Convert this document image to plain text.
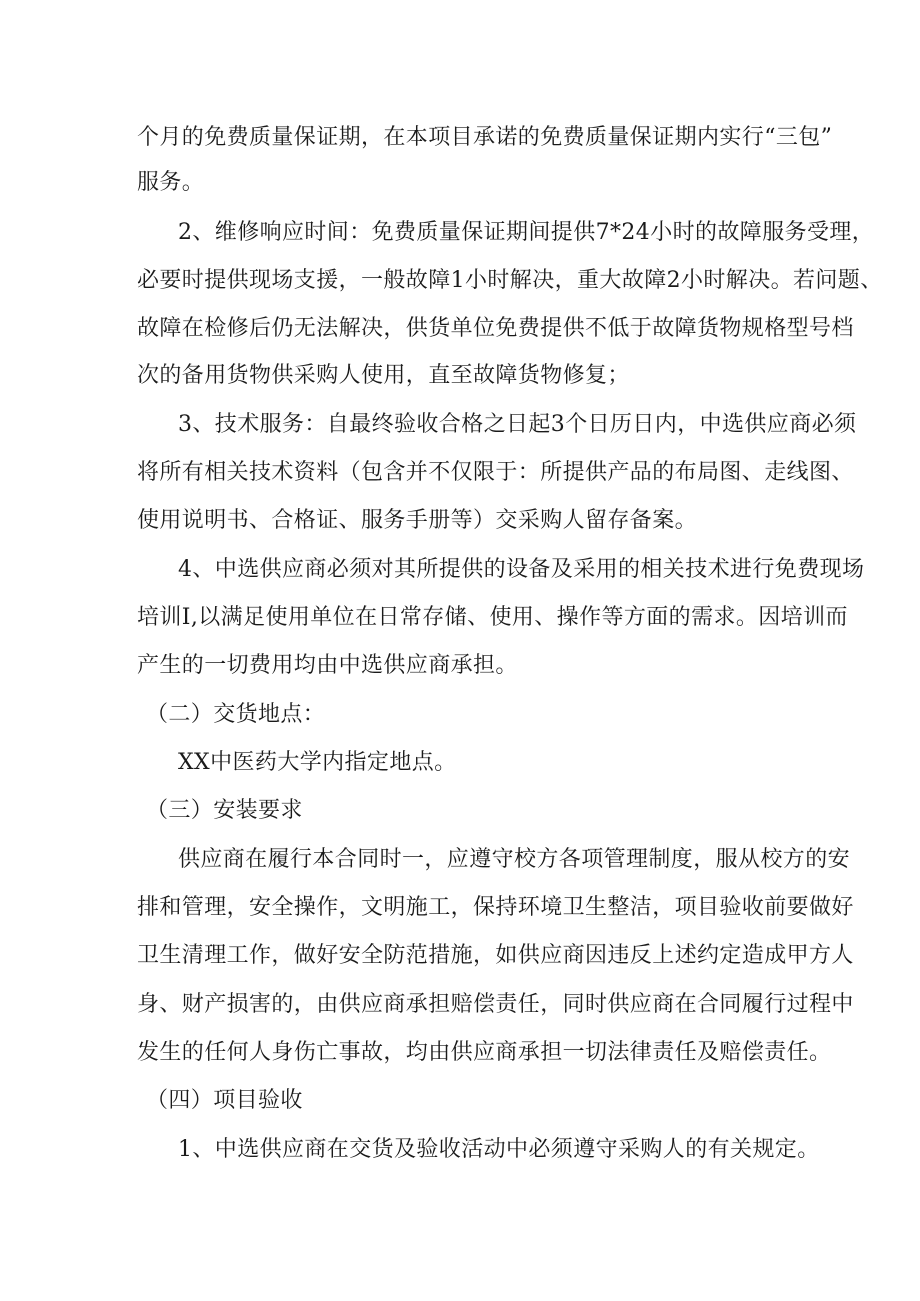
个月的免费质量保证期，在本项目承诺的免费质量保证期内实行“三包”
服务。
2、维修响应时间：免费质量保证期间提供7*24小时的故障服务受理，
必要时提供现场支援，一般故障1小时解决，重大故障2小时解决。若问题、
故障在检修后仍无法解决，供货单位免费提供不低于故障货物规格型号档
次的备用货物供采购人使用，直至故障货物修复；
3、技术服务：自最终验收合格之日起3个日历日内，中选供应商必须
将所有相关技术资料（包含并不仅限于：所提供产品的布局图、走线图、
使用说明书、合格证、服务手册等）交采购人留存备案。
4、中选供应商必须对其所提供的设备及采用的相关技术进行免费现场
培训I,以满足使用单位在日常存储、使用、操作等方面的需求。因培训而
产生的一切费用均由中选供应商承担。
（二）交货地点：
XX中医药大学内指定地点。
（三）安装要求
供应商在履行本合同时一，应遵守校方各项管理制度，服从校方的安
排和管理，安全操作，文明施工，保持环境卫生整洁，项目验收前要做好
卫生清理工作，做好安全防范措施，如供应商因违反上述约定造成甲方人
身、财产损害的，由供应商承担赔偿责任，同时供应商在合同履行过程中
发生的任何人身伤亡事故，均由供应商承担一切法律责任及赔偿责任。
（四）项目验收
1、中选供应商在交货及验收活动中必须遵守采购人的有关规定。
